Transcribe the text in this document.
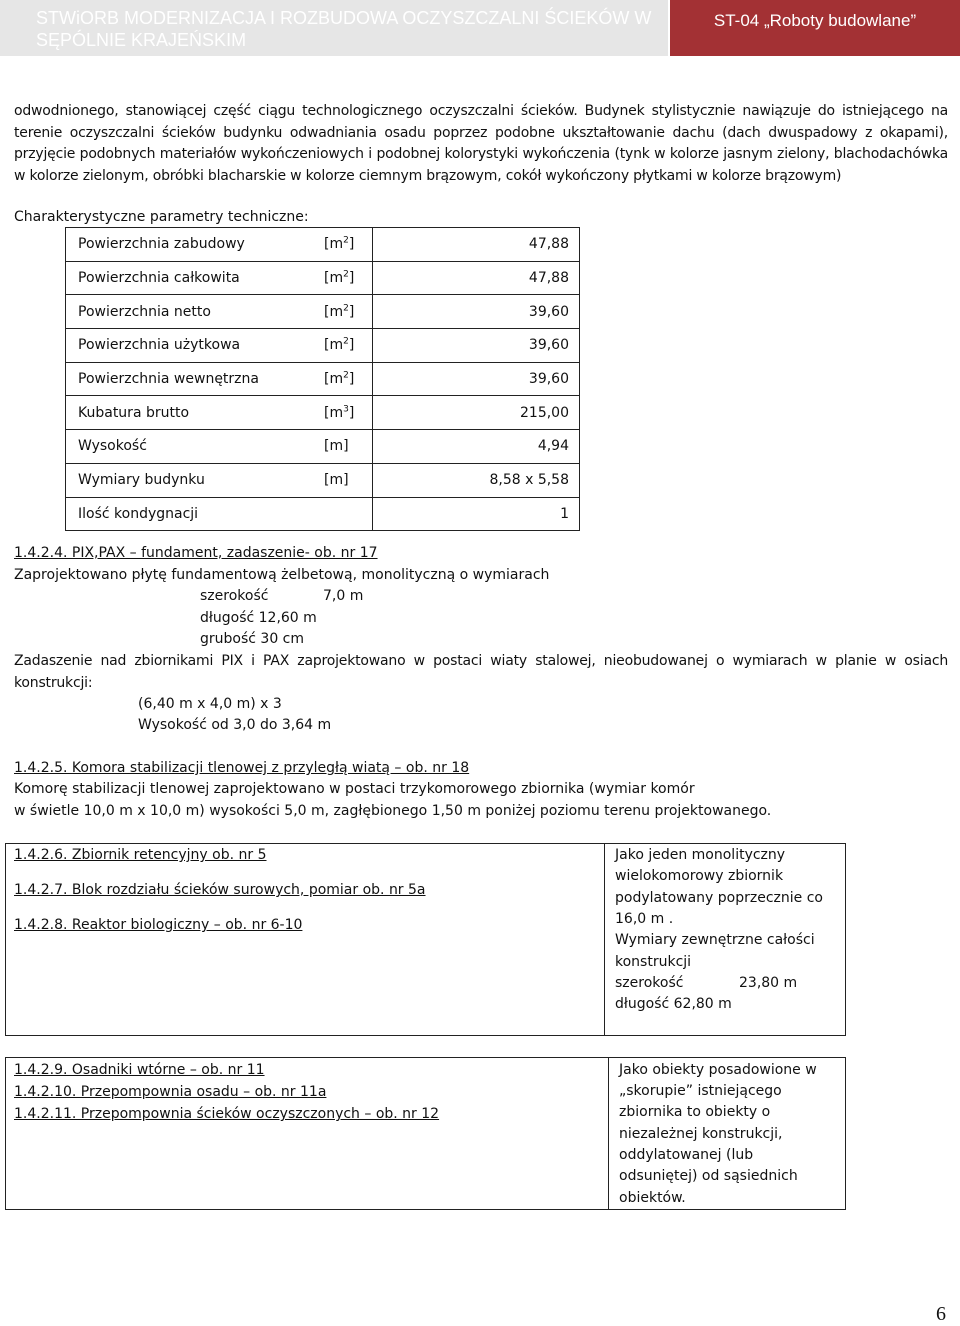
STWiORB MODERNIZACJA I ROZBUDOWA OCZYSZCZALNI ŚCIEKÓW W
SĘPÓLNIE KRAJEŃSKIM
ST-04 „Roboty budowlane”
odwodnionego, stanowiącej część ciągu technologicznego oczyszczalni ścieków. Budynek stylistycznie nawiązuje do istniejącego na terenie oczyszczalni ścieków budynku odwadniania osadu poprzez podobne ukształtowanie dachu (dach dwuspadowy z okapami), przyjęcie podobnych materiałów wykończeniowych i podobnej kolorystyki wykończenia (tynk w kolorze jasnym zielony, blachodachówka w kolorze zielonym, obróbki blacharskie w kolorze ciemnym brązowym, cokół wykończony płytkami w kolorze brązowym)
Charakterystyczne parametry techniczne:
Powierzchnia zabudowy	$[m^2]$	47,88
Powierzchnia całkowita	$[m^2]$	47,88
Powierzchnia netto	$[m^2]$	39,60
Powierzchnia użytkowa	$[m^2]$	39,60
Powierzchnia wewnętrzna	$[m^2]$	39,60
Kubatura brutto	$[m^3]$	215,00
Wysokość	[m]	4,94
Wymiary budynku	[m]	8,58 x 5,58
Ilość kondygnacji		1
1.4.2.4. PIX,PAX – fundament, zadaszenie- ob. nr 17
Zaprojektowano płytę fundamentową żelbetową, monolityczną o wymiarach
szerokość	7,0 m
długość 12,60 m
grubość 30 cm
Zadaszenie nad zbiornikami PIX i PAX zaprojektowano w postaci wiaty stalowej, nieobudowanej o wymiarach w planie w osiach konstrukcji:
(6,40 m x 4,0 m) x 3
Wysokość od 3,0 do 3,64 m
1.4.2.5. Komora stabilizacji tlenowej z przyległą wiatą – ob. nr 18
Komorę stabilizacji tlenowej zaprojektowano w postaci trzykomorowego zbiornika (wymiar komór
w świetle 10,0 m x 10,0 m) wysokości 5,0 m, zagłębionego 1,50 m poniżej poziomu terenu projektowanego.
1.4.2.6. Zbiornik retencyjny ob. nr 5
1.4.2.7. Blok rozdziału ścieków surowych, pomiar ob. nr 5a
1.4.2.8. Reaktor biologiczny – ob. nr 6-10
Jako jeden monolityczny
wielokomorowy zbiornik
podylatowany poprzecznie co
16,0 m .
Wymiary zewnętrzne całości
konstrukcji
szerokość	23,80 m
długość 62,80 m
1.4.2.9. Osadniki wtórne – ob. nr 11
1.4.2.10. Przepompownia osadu – ob. nr 11a
1.4.2.11. Przepompownia ścieków oczyszczonych – ob. nr 12
Jako obiekty posadowione w
„skorupie” istniejącego
zbiornika to obiekty o
niezależnej konstrukcji,
oddylatowanej (lub
odsuniętej) od sąsiednich
obiektów.
6
